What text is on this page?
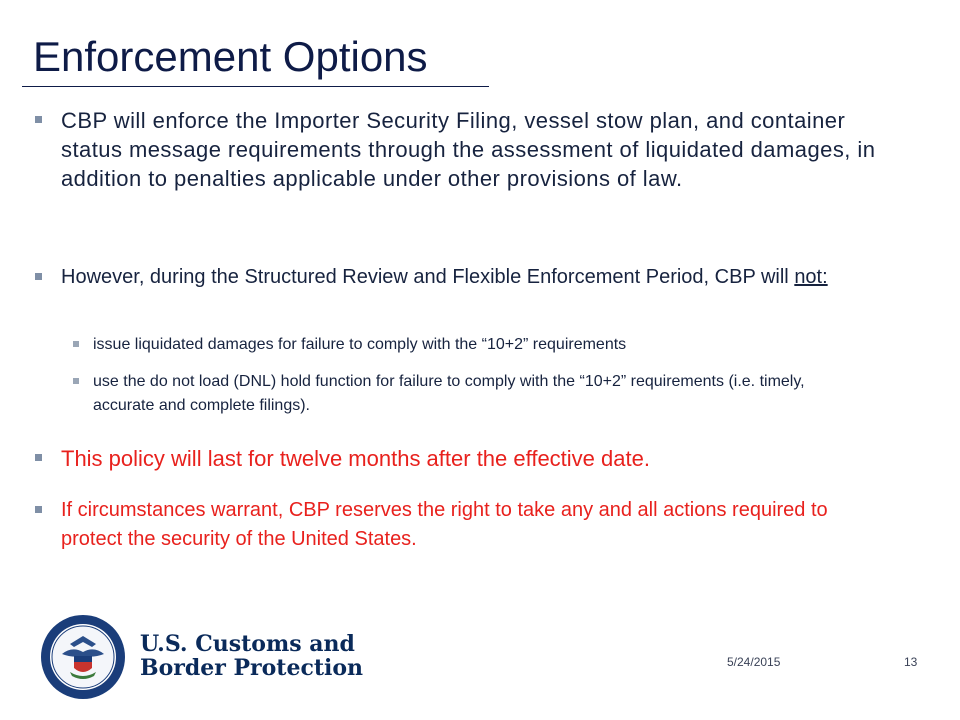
Enforcement Options
CBP will enforce the Importer Security Filing, vessel stow plan, and container status message requirements through the assessment of liquidated damages, in addition to penalties applicable under other provisions of law.
However, during the Structured Review and Flexible Enforcement Period, CBP will not:
issue liquidated damages for failure to comply with the “10+2” requirements
use the do not load (DNL) hold function for failure to comply with the “10+2” requirements (i.e. timely, accurate and complete filings).
This policy will last for twelve months after the effective date.
If circumstances warrant, CBP reserves the right to take any and all actions required to protect the security of the United States.
U.S. Customs and
Border Protection	5/24/2015	13
